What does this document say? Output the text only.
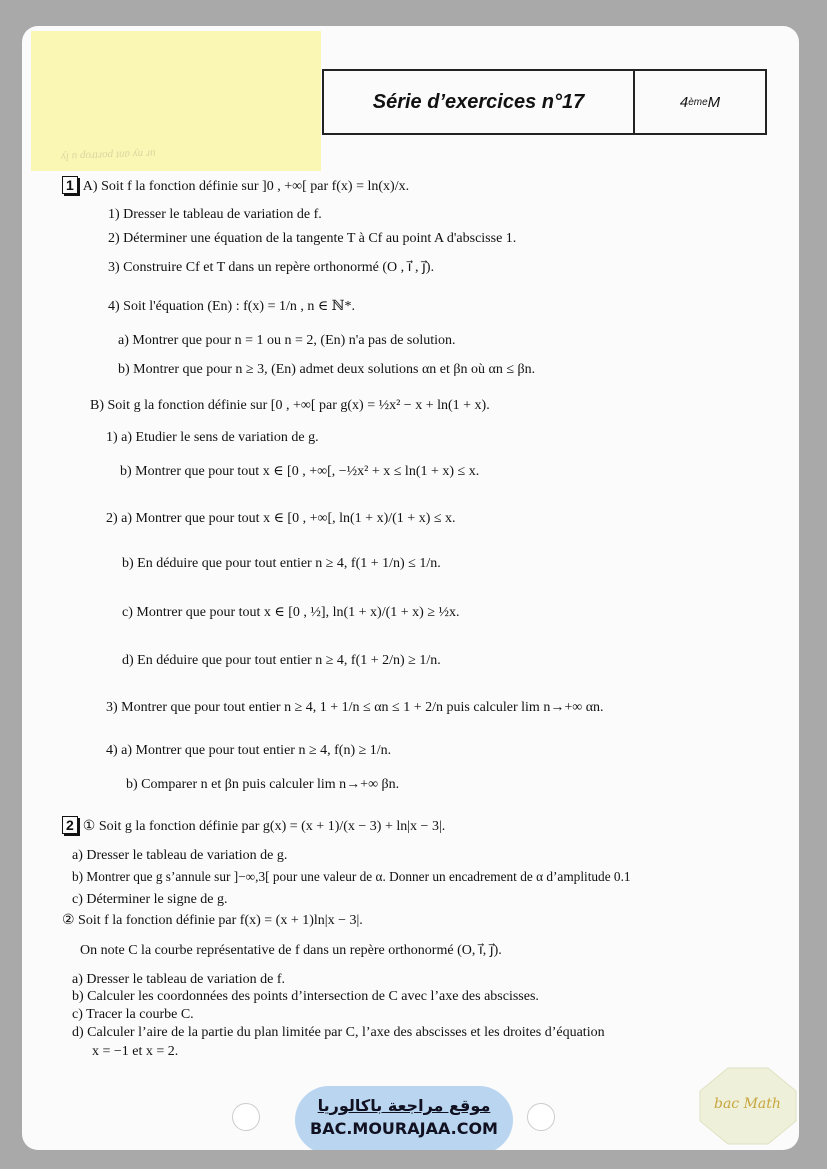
ur ny ant portrop u ly
Série d’exercices n°17	4 ème M
1 A) Soit f la fonction définie sur ]0 , +∞[ par f(x) = ln(x)/x.
1) Dresser le tableau de variation de f.
2) Déterminer une équation de la tangente T à Cf au point A d'abscisse 1.
3) Construire Cf et T dans un repère orthonormé (O , i⃗ , j⃗).
4) Soit l'équation (En) : f(x) = 1/n , n ∈ ℕ*.
a) Montrer que pour n = 1 ou n = 2, (En) n'a pas de solution.
b) Montrer que pour n ≥ 3, (En) admet deux solutions αn et βn où αn ≤ βn.
B) Soit g la fonction définie sur [0 , +∞[ par g(x) = ½x² − x + ln(1 + x).
1) a) Etudier le sens de variation de g.
b) Montrer que pour tout x ∈ [0 , +∞[, −½x² + x ≤ ln(1 + x) ≤ x.
2) a) Montrer que pour tout x ∈ [0 , +∞[, ln(1 + x)/(1 + x) ≤ x.
b) En déduire que pour tout entier n ≥ 4, f(1 + 1/n) ≤ 1/n.
c) Montrer que pour tout x ∈ [0 , ½], ln(1 + x)/(1 + x) ≥ ½x.
d) En déduire que pour tout entier n ≥ 4, f(1 + 2/n) ≥ 1/n.
3) Montrer que pour tout entier n ≥ 4, 1 + 1/n ≤ αn ≤ 1 + 2/n puis calculer lim n→+∞ αn.
4) a) Montrer que pour tout entier n ≥ 4, f(n) ≥ 1/n.
b) Comparer n et βn puis calculer lim n→+∞ βn.
2 ① Soit g la fonction définie par g(x) = (x + 1)/(x − 3) + ln|x − 3|.
a) Dresser le tableau de variation de g.
b) Montrer que g s’annule sur ]−∞,3[ pour une valeur de α. Donner un encadrement de α d’amplitude 0.1
c) Déterminer le signe de g.
② Soit f la fonction définie par f(x) = (x + 1)ln|x − 3|.
On note C la courbe représentative de f dans un repère orthonormé (O, i⃗, j⃗).
a) Dresser le tableau de variation de f.
b) Calculer les coordonnées des points d’intersection de C avec l’axe des abscisses.
c) Tracer la courbe C.
d) Calculer l’aire de la partie du plan limitée par C, l’axe des abscisses et les droites d’équation
x = −1 et x = 2.
موقع مراجعة باكالوريا
BAC.MOURAJAA.COM
bac Math
